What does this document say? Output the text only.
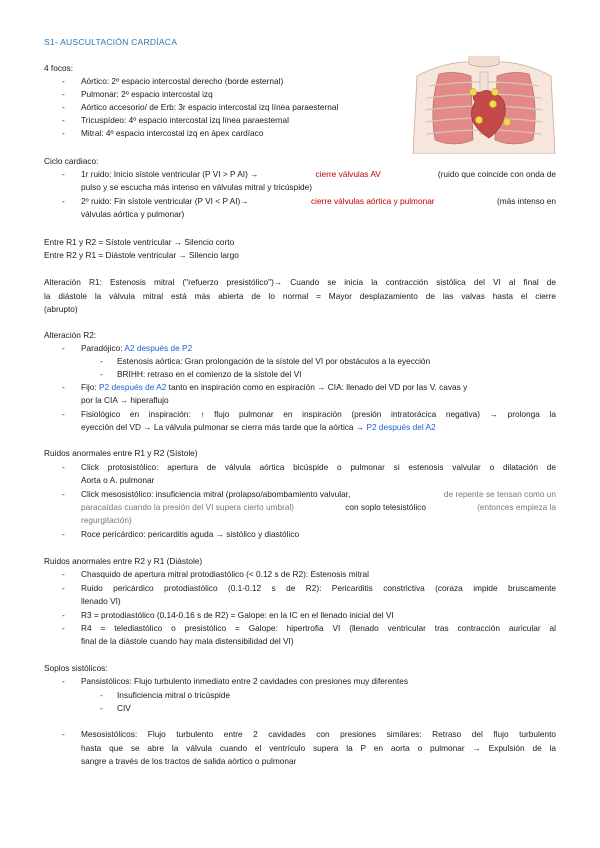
S1- AUSCULTACIÓN CARDÍACA
4 focos:
- Aórtico: 2º espacio intercostal derecho (borde esternal)
- Pulmonar: 2º espacio intercostal izq
- Aórtico accesorio/ de Erb: 3r espacio intercostal izq línea paraesternal
- Tricuspídeo: 4º espacio intercostal izq línea paraesternal
- Mitral: 4º espacio intercostal izq en ápex cardíaco
Ciclo cardiaco:
- 1r ruido: Inicio sístole ventricular (P VI > P AI) →	cierre válvulas AV	(ruido que coincide con onda de
pulso y se escucha más intenso en válvulas mitral y tricúspide)
- 2º ruido: Fin sístole ventricular (P VI < P AI)→	cierre válvulas aórtica y pulmonar	(más intenso en
válvulas aórtica y pulmonar)
Entre R1 y R2 = Sístole ventricular → Silencio corto
Entre R2 y R1 = Diástole ventricular → Silencio largo
Alteración R1: Estenosis mitral ("refuerzo presistólico")→ Cuando se inicia la contracción sistólica del VI al final de
la diástole la válvula mitral está más abierta de lo normal = Mayor desplazamiento de las valvas hasta el cierre
(abrupto)
Alteración R2:
- Paradójico: A2 después de P2
- Estenosis aórtica: Gran prolongación de la sístole del VI por obstáculos a la eyección
- BRIHH: retraso en el comienzo de la sístole del VI
- Fijo: P2 después de A2 tanto en inspiración como en espiración → CIA: llenado del VD por las V. cavas y
por la CIA → hiperaflujo
- Fisiológico en inspiración: ↑ flujo pulmonar en inspiración (presión intratorácica negativa) → prolonga la
eyección del VD → La válvula pulmonar se cierra más tarde que la aórtica → P2 después del A2
Ruidos anormales entre R1 y R2 (Sístole)
- Click protosistólico: apertura de válvula aórtica bicúspide o pulmonar si estenosis valvular o dilatación de
Aorta o A. pulmonar
- Click mesosistólico: insuficiencia mitral (prolapso/abombamiento valvular,	de repente se tensan como un
paracaídas cuando la presión del VI supera cierto umbral)	con soplo telesistólico	(entonces empieza la
regurgitación)
- Roce pericárdico: pericarditis aguda → sistólico y diastólico
Ruidos anormales entre R2 y R1 (Diástole)
- Chasquido de apertura mitral protodiastólico (< 0.12 s de R2): Estenosis mitral
- Ruido pericárdico protodiastólico (0.1-0.12 s de R2): Pericarditis constrictiva (coraza impide bruscamente
llenado VI)
- R3 = protodiastólico (0.14-0.16 s de R2) = Galope: en la IC en el llenado inicial del VI
- R4 = telediastólico o presistólico = Galope: hipertrofia VI (llenado ventricular tras contracción auricular al
final de la diástole cuando hay mala distensibilidad del VI)
Soplos sistólicos:
- Pansistólicos: Flujo turbulento inmediato entre 2 cavidades con presiones muy diferentes
- Insuficiencia mitral o tricúspide
- CIV
- Mesosistólicos: Flujo turbulento entre 2 cavidades con presiones similares: Retraso del flujo turbulento
hasta que se abre la válvula cuando el ventrículo supera la P en aorta o pulmonar → Expulsión de la
sangre a través de los tractos de salida aórtico o pulmonar
